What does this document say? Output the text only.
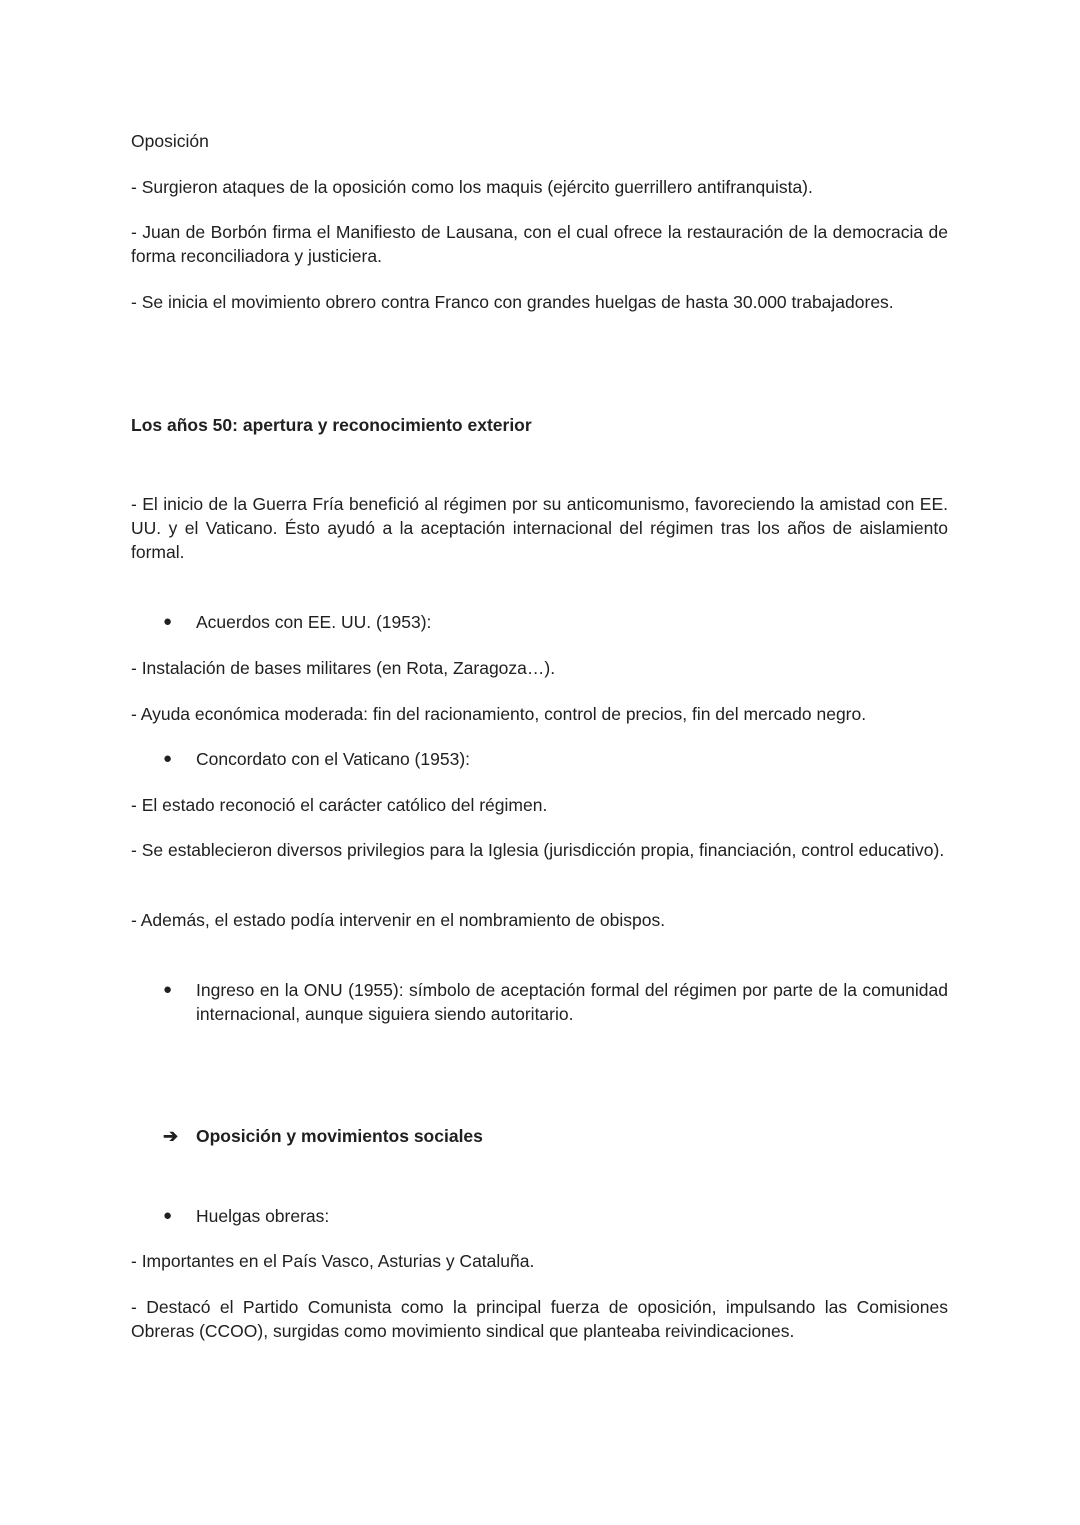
Oposición

- Surgieron ataques de la oposición como los maquis (ejército guerrillero antifranquista).

- Juan de Borbón firma el Manifiesto de Lausana, con el cual ofrece la restauración de la democracia de forma reconciliadora y justiciera.

- Se inicia el movimiento obrero contra Franco con grandes huelgas de hasta 30.000 trabajadores.

Los años 50: apertura y reconocimiento exterior

- El inicio de la Guerra Fría benefició al régimen por su anticomunismo, favoreciendo la amistad con EE. UU. y el Vaticano. Ésto ayudó a la aceptación internacional del régimen tras los años de aislamiento formal.

●	Acuerdos con EE. UU. (1953):

- Instalación de bases militares (en Rota, Zaragoza…).

- Ayuda económica moderada: fin del racionamiento, control de precios, fin del mercado negro.

●	Concordato con el Vaticano (1953):

- El estado reconoció el carácter católico del régimen.

- Se establecieron diversos privilegios para la Iglesia (jurisdicción propia, financiación, control educativo).

- Además, el estado podía intervenir en el nombramiento de obispos.

●	Ingreso en la ONU (1955): símbolo de aceptación formal del régimen por parte de la comunidad internacional, aunque siguiera siendo autoritario.
➔ Oposición y movimientos sociales
●	Huelgas obreras:

- Importantes en el País Vasco, Asturias y Cataluña.

- Destacó el Partido Comunista como la principal fuerza de oposición, impulsando las Comisiones Obreras (CCOO), surgidas como movimiento sindical que planteaba reivindicaciones.
